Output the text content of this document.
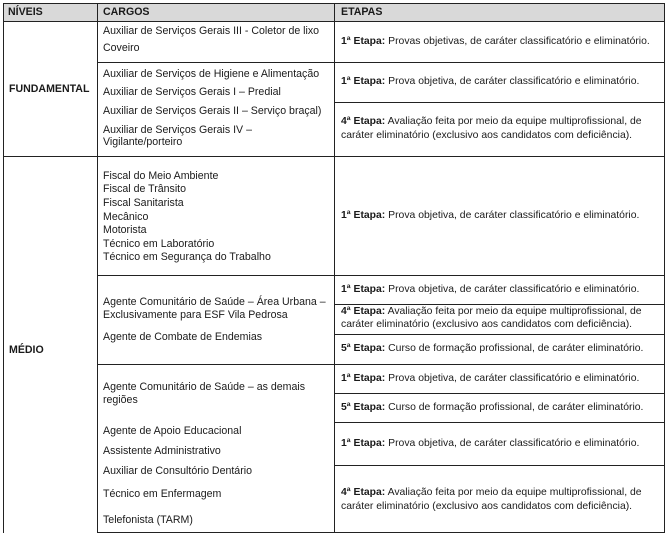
NÍVEIS	CARGOS	ETAPAS
FUNDAMENTAL
MÉDIO
Auxiliar de Serviços Gerais III - Coletor de lixo
Coveiro
Auxiliar de Serviços de Higiene e Alimentação
Auxiliar de Serviços Gerais I – Predial
Auxiliar de Serviços Gerais II – Serviço braçal)
Auxiliar de Serviços Gerais IV –
Vigilante/porteiro
Fiscal do Meio Ambiente
Fiscal de Trânsito
Fiscal Sanitarista
Mecânico
Motorista
Técnico em Laboratório
Técnico em Segurança do Trabalho
Agente Comunitário de Saúde – Área Urbana –
Exclusivamente para ESF Vila Pedrosa
Agente de Combate de Endemias
Agente Comunitário de Saúde – as demais
regiões
Agente de Apoio Educacional
Assistente Administrativo
Auxiliar de Consultório Dentário
Técnico em Enfermagem
Telefonista (TARM)
1ª Etapa: Provas objetivas, de caráter classificatório e eliminatório.
1ª Etapa: Prova objetiva, de caráter classificatório e eliminatório.
4ª Etapa: Avaliação feita por meio da equipe multiprofissional, de caráter eliminatório (exclusivo aos candidatos com deficiência).
1ª Etapa: Prova objetiva, de caráter classificatório e eliminatório.
1ª Etapa: Prova objetiva, de caráter classificatório e eliminatório.
4ª Etapa: Avaliação feita por meio da equipe multiprofissional, de caráter eliminatório (exclusivo aos candidatos com deficiência).
5ª Etapa: Curso de formação profissional, de caráter eliminatório.
1ª Etapa: Prova objetiva, de caráter classificatório e eliminatório.
5ª Etapa: Curso de formação profissional, de caráter eliminatório.
1ª Etapa: Prova objetiva, de caráter classificatório e eliminatório.
4ª Etapa: Avaliação feita por meio da equipe multiprofissional, de caráter eliminatório (exclusivo aos candidatos com deficiência).
